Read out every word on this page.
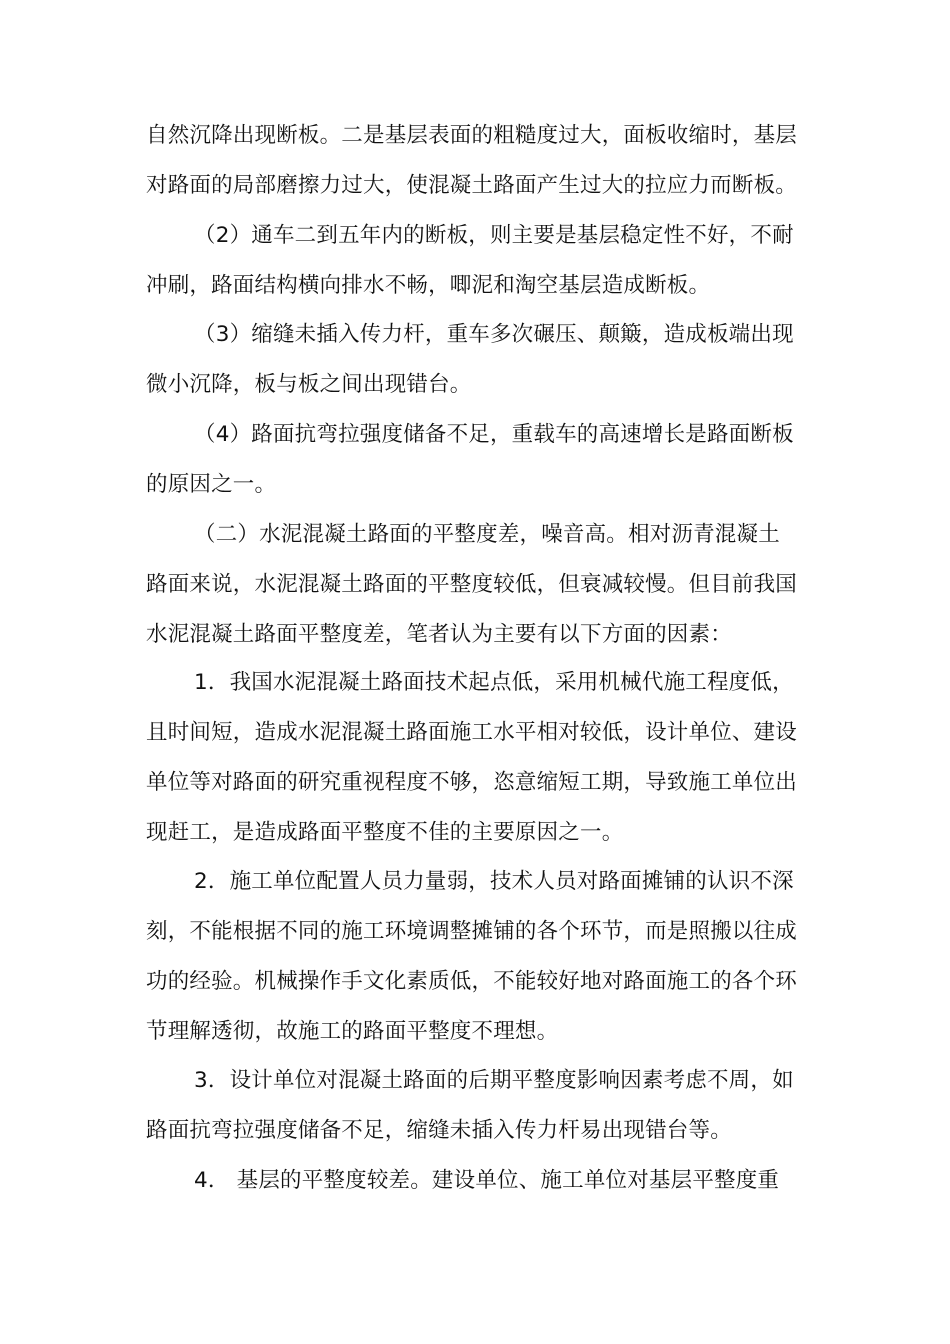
自然沉降出现断板。二是基层表面的粗糙度过大，面板收缩时，基层
对路面的局部磨擦力过大，使混凝土路面产生过大的拉应力而断板。
（2）通车二到五年内的断板，则主要是基层稳定性不好，不耐
冲刷，路面结构横向排水不畅，唧泥和淘空基层造成断板。
（3）缩缝未插入传力杆，重车多次碾压、颠簸，造成板端出现
微小沉降，板与板之间出现错台。
（4）路面抗弯拉强度储备不足，重载车的高速增长是路面断板
的原因之一。
（二）水泥混凝土路面的平整度差，噪音高。相对沥青混凝土
路面来说，水泥混凝土路面的平整度较低，但衰减较慢。但目前我国
水泥混凝土路面平整度差，笔者认为主要有以下方面的因素：
1．我国水泥混凝土路面技术起点低，采用机械代施工程度低，
且时间短，造成水泥混凝土路面施工水平相对较低，设计单位、建设
单位等对路面的研究重视程度不够，恣意缩短工期，导致施工单位出
现赶工，是造成路面平整度不佳的主要原因之一。
2．施工单位配置人员力量弱，技术人员对路面摊铺的认识不深
刻，不能根据不同的施工环境调整摊铺的各个环节，而是照搬以往成
功的经验。机械操作手文化素质低，不能较好地对路面施工的各个环
节理解透彻，故施工的路面平整度不理想。
3．设计单位对混凝土路面的后期平整度影响因素考虑不周，如
路面抗弯拉强度储备不足，缩缝未插入传力杆易出现错台等。
4． 基层的平整度较差。建设单位、施工单位对基层平整度重
